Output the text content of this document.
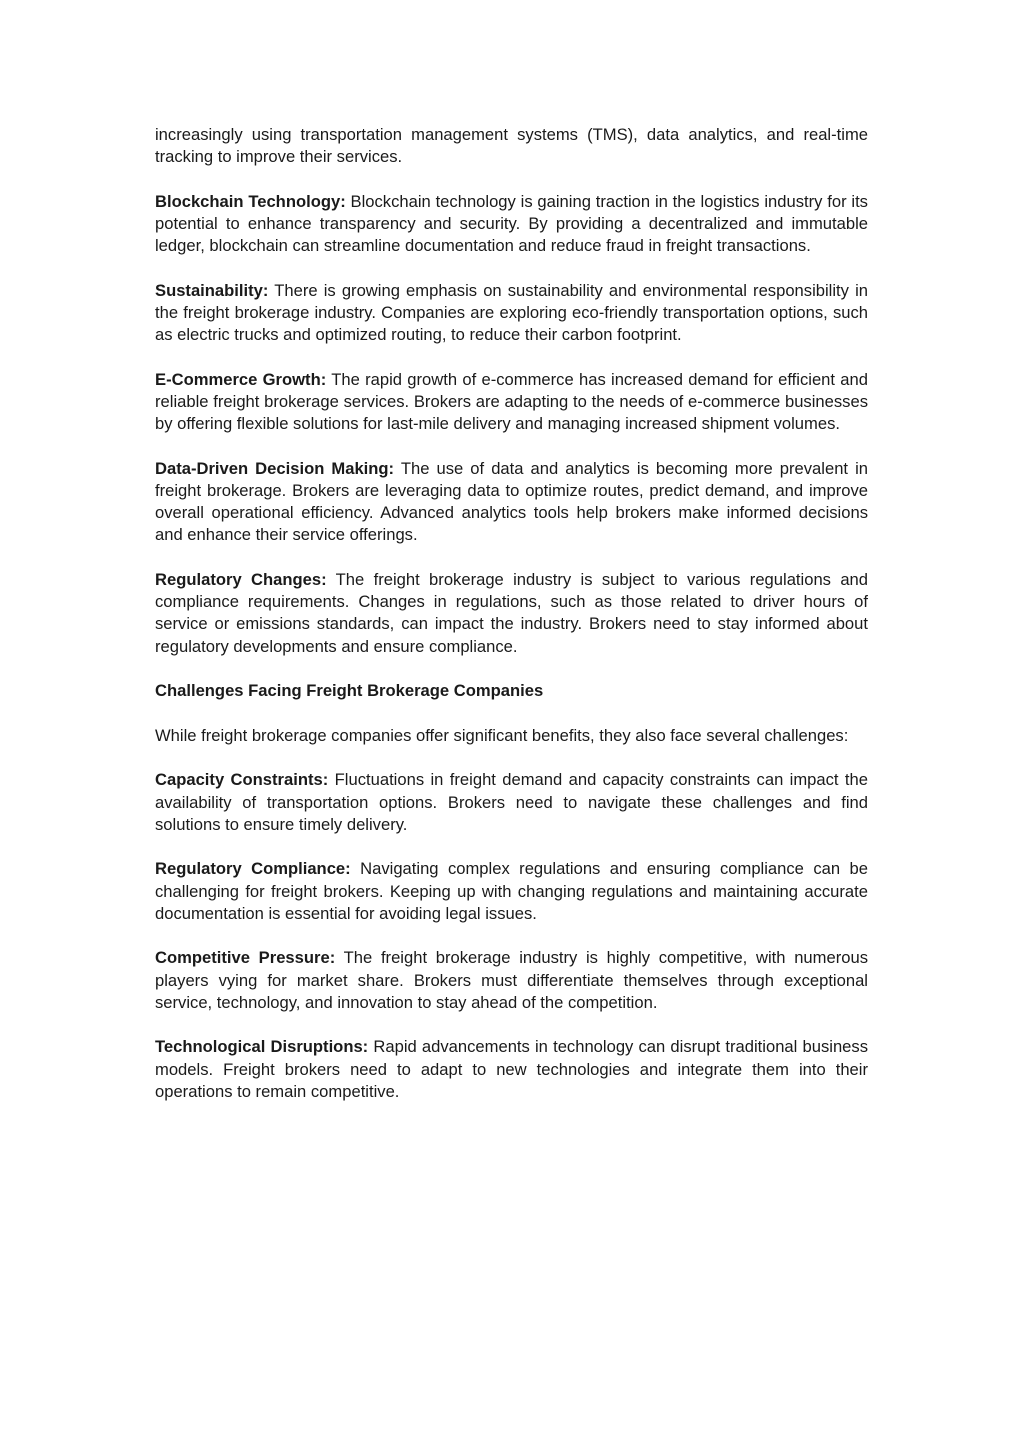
increasingly using transportation management systems (TMS), data analytics, and real-time tracking to improve their services.

Blockchain Technology: Blockchain technology is gaining traction in the logistics industry for its potential to enhance transparency and security. By providing a decentralized and immutable ledger, blockchain can streamline documentation and reduce fraud in freight transactions.

Sustainability: There is growing emphasis on sustainability and environmental responsibility in the freight brokerage industry. Companies are exploring eco-friendly transportation options, such as electric trucks and optimized routing, to reduce their carbon footprint.

E-Commerce Growth: The rapid growth of e-commerce has increased demand for efficient and reliable freight brokerage services. Brokers are adapting to the needs of e-commerce businesses by offering flexible solutions for last-mile delivery and managing increased shipment volumes.

Data-Driven Decision Making: The use of data and analytics is becoming more prevalent in freight brokerage. Brokers are leveraging data to optimize routes, predict demand, and improve overall operational efficiency. Advanced analytics tools help brokers make informed decisions and enhance their service offerings.

Regulatory Changes: The freight brokerage industry is subject to various regulations and compliance requirements. Changes in regulations, such as those related to driver hours of service or emissions standards, can impact the industry. Brokers need to stay informed about regulatory developments and ensure compliance.

Challenges Facing Freight Brokerage Companies

While freight brokerage companies offer significant benefits, they also face several challenges:

Capacity Constraints: Fluctuations in freight demand and capacity constraints can impact the availability of transportation options. Brokers need to navigate these challenges and find solutions to ensure timely delivery.

Regulatory Compliance: Navigating complex regulations and ensuring compliance can be challenging for freight brokers. Keeping up with changing regulations and maintaining accurate documentation is essential for avoiding legal issues.

Competitive Pressure: The freight brokerage industry is highly competitive, with numerous players vying for market share. Brokers must differentiate themselves through exceptional service, technology, and innovation to stay ahead of the competition.

Technological Disruptions: Rapid advancements in technology can disrupt traditional business models. Freight brokers need to adapt to new technologies and integrate them into their operations to remain competitive.
